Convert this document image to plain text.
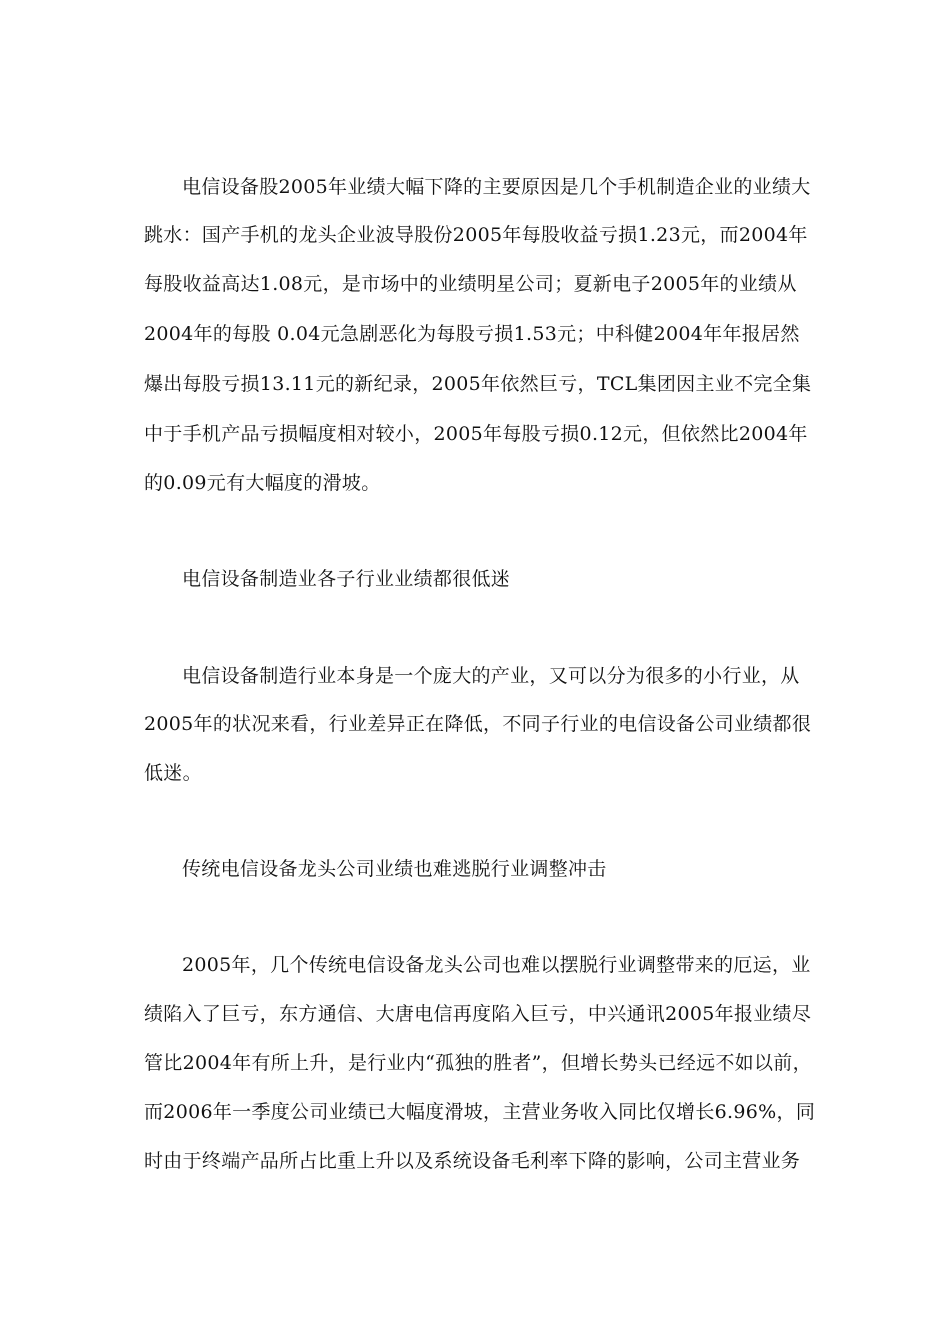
电信设备股2005年业绩大幅下降的主要原因是几个手机制造企业的业绩大
跳水：国产手机的龙头企业波导股份2005年每股收益亏损1.23元，而2004年
每股收益高达1.08元，是市场中的业绩明星公司；夏新电子2005年的业绩从
2004年的每股 0.04元急剧恶化为每股亏损1.53元；中科健2004年年报居然
爆出每股亏损13.11元的新纪录，2005年依然巨亏，TCL集团因主业不完全集
中于手机产品亏损幅度相对较小，2005年每股亏损0.12元，但依然比2004年
的0.09元有大幅度的滑坡。
电信设备制造业各子行业业绩都很低迷
电信设备制造行业本身是一个庞大的产业，又可以分为很多的小行业，从
2005年的状况来看，行业差异正在降低，不同子行业的电信设备公司业绩都很
低迷。
传统电信设备龙头公司业绩也难逃脱行业调整冲击
2005年，几个传统电信设备龙头公司也难以摆脱行业调整带来的厄运，业
绩陷入了巨亏，东方通信、大唐电信再度陷入巨亏，中兴通讯2005年报业绩尽
管比2004年有所上升，是行业内“孤独的胜者”，但增长势头已经远不如以前，
而2006年一季度公司业绩已大幅度滑坡，主营业务收入同比仅增长6.96%，同
时由于终端产品所占比重上升以及系统设备毛利率下降的影响，公司主营业务
